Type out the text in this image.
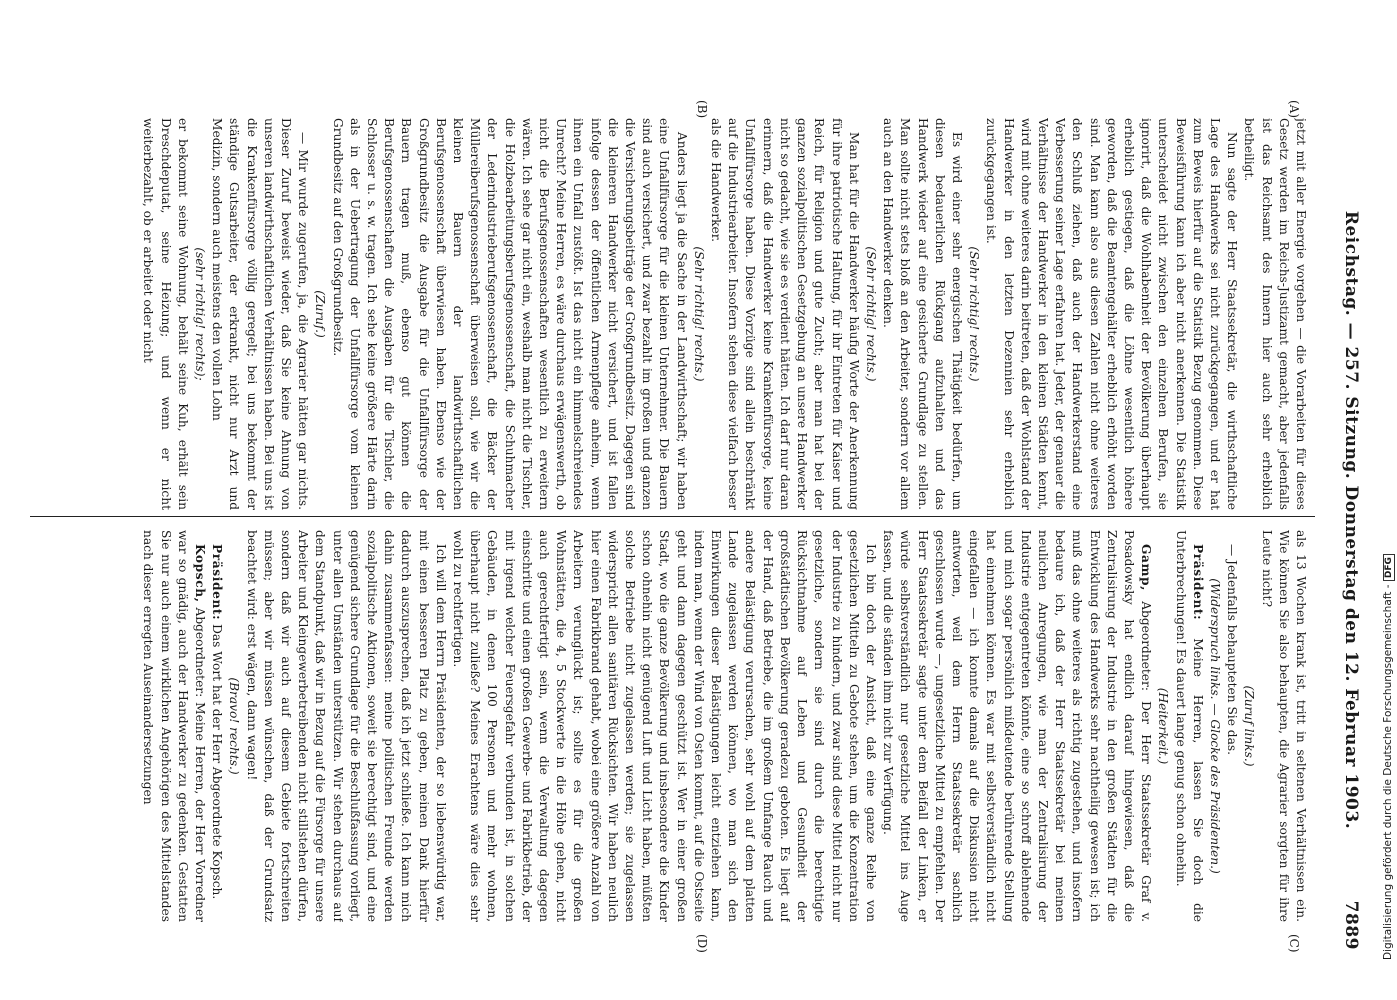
Reichstag. — 257. Sitzung. Donnerstag den 12. Februar 1903.
7889
(A)
(B)
(C)
(D)

jetzt mit aller Energie vorgehen — die Vorarbeiten für dieses Gesetz werden im Reichs-Justizamt gemacht, aber jedenfalls ist das Reichsamt des Innern hier auch sehr erheblich betheiligt.

Nun sagte der Herr Staatssekretär, die wirthschaftliche Lage des Handwerks sei nicht zurückgegangen, und er hat zum Beweis hierfür auf die Statistik Bezug genommen. Diese Beweisführung kann ich aber nicht anerkennen. Die Statistik unterscheidet nicht zwischen den einzelnen Berufen, sie ignorirt, daß die Wohlhabenheit der Bevölkerung überhaupt erheblich gestiegen, daß die Löhne wesentlich höhere geworden, daß die Beamtengehälter erheblich erhöht worden sind. Man kann also aus diesen Zahlen nicht ohne weiteres den Schluß ziehen, daß auch der Handwerkerstand eine Verbesserung seiner Lage erfahren hat. Jeder, der genauer die Verhältnisse der Handwerker in den kleinen Städten kennt, wird mit ohne weiteres darin beitreten, daß der Wohlstand der Handwerker in den letzten Dezennien sehr erheblich zurückgegangen ist.

(Sehr richtig! rechts.)

Es wird einer sehr energischen Thätigkeit bedürfen, um diesen bedauerlichen Rückgang aufzuhalten und das Handwerk wieder auf eine gesicherte Grundlage zu stellen. Man sollte nicht stets bloß an den Arbeiter, sondern vor allem auch an den Handwerker denken.

(Sehr richtig! rechts.)

Man hat für die Handwerker häufig Worte der Anerkennung für ihre patriotische Haltung, für ihr Eintreten für Kaiser und Reich, für Religion und gute Zucht; aber man hat bei der ganzen sozialpolitischen Gesetzgebung an unsere Handwerker nicht so gedacht, wie sie es verdient hätten. Ich darf nur daran erinnern, daß die Handwerker keine Krankenfürsorge, keine Unfallfürsorge haben. Diese Vorzüge sind allein beschränkt auf die Industriearbeiter. Insofern stehen diese vielfach besser als die Handwerker.

(Sehr richtig! rechts.)

Anders liegt ja die Sache in der Landwirthschaft; wir haben eine Unfallfürsorge für die kleinen Unternehmer. Die Bauern sind auch versichert, und zwar bezahlt im großen und ganzen die Versicherungsbeiträge der Großgrundbesitz. Dagegen sind die kleineren Handwerker nicht versichert, und ist fallen infolge dessen der öffentlichen Armenpflege anheim, wenn ihnen ein Unfall zustößt. Ist das nicht ein himmelschreiendes Unrecht? Meine Herren, es wäre durchaus erwägenswerth, ob nicht die Berufsgenossenschaften wesentlich zu erweitern wären. Ich sehe gar nicht ein, weshalb man nicht die Tischler, die Holzbearbeitungsberufsgenossenschaft, die Schuhmacher der Lederindustrieberufsgenossenschaft, die Bäcker der Müllereiberufsgenossenschaft überweisen soll, wie wir die kleinen Bauern der landwirthschaftlichen Berufsgenossenschaft überwiesen haben. Ebenso wie der Großgrundbesitz die Ausgabe für die Unfallfürsorge der Bauern tragen muß, ebenso gut können die Berufsgenossenschaften die Ausgaben für die Tischler, die Schlosser u. s. w. tragen. Ich sehe keine größere Härte darin als in der Uebertragung der Unfallfürsorge vom kleinen Grundbesitz auf den Großgrundbesitz.

(Zuruf.)

— Mir wurde zugerufen, ja, die Agrarier hätten gar nichts. Dieser Zuruf beweist wieder, daß Sie keine Ahnung von unseren landwirthschaftlichen Verhältnissen haben. Bei uns ist die Krankenfürsorge völlig geregelt; bei uns bekommt der ständige Gutsarbeiter, der erkrankt, nicht nur Arzt und Medizin, sondern auch meistens den vollen Lohn

(sehr richtig! rechts);

er bekommt seine Wohnung, behält seine Kuh, erhält sein Dreschdeputat, seine Heizung; und wenn er nicht weiterbezahlt, ob er arbeitet oder nicht

als 13 Wochen krank ist, tritt in seltenen Verhältnissen ein. Wie können Sie also behaupten, die Agrarier sorgten für ihre Leute nicht?

(Zuruf links.)

— Jedenfalls behaupteten Sie das.

(Widerspruch links. — Glocke des Präsidenten.)

Präsident: Meine Herren, lassen Sie doch die Unterbrechungen! Es dauert lange genug schon ohnehin.

(Heiterkeit.)

Gamp, Abgeordneter: Der Herr Staatssekretär Graf v. Posadowsky hat endlich darauf hingewiesen, daß die Zentralisirung der Industrie in den großen Städten für die Entwicklung des Handwerks sehr nachtheilig gewesen ist; ich muß das ohne weiteres als richtig zugestehen, und insofern bedaure ich, daß der Herr Staatssekretär bei meinen neulichen Anregungen, wie man der Zentralisirung der Industrie entgegentreten könnte, eine so schroff ablehnende und mich sogar persönlich mißdeutende berührende Stellung hat einnehmen können. Es war mit selbstverständlich nicht eingefallen — ich konnte damals auf die Diskussion nicht antworten, weil dem Herrn Staatssekretär sachlich geschlossen wurde —, ungesetzliche Mittel zu empfehlen. Der Herr Staatssekretär sagte unter dem Beifall der Linken, er würde selbstverständlich nur gesetzliche Mittel ins Auge fassen, und die ständen ihm nicht zur Verfügung.

Ich bin doch der Ansicht, daß eine ganze Reihe von gesetzlichen Mitteln zu Gebote stehen, um die Konzentration der Industrie zu hindern, und zwar sind diese Mittel nicht nur gesetzliche, sondern sie sind durch die berechtigte Rücksichtnahme auf Leben und Gesundheit der großstädtischen Bevölkerung geradezu geboten. Es liegt auf der Hand, daß Betriebe, die im großem Umfange Rauch und andere Belästigung verursachen, sehr wohl auf dem platten Lande zugelassen werden können, wo man sich den Einwirkungen dieser Belästigungen leicht entziehen kann, indem man, wenn der Wind von Osten kommt, auf die Ostseite geht und dann dagegen geschützt ist. Wer in einer großen Stadt, wo die ganze Bevölkerung und insbesondere die Kinder schon ohnehin nicht genügend Luft und Licht haben, müßten solche Betriebe nicht zugelassen werden; sie zugelassen widerspricht allen sanitären Rücksichten. Wir haben neulich hier einen Fabrikbrand gehabt, wobei eine größere Anzahl von Arbeitern verunglückt ist; sollte es für die großen Wohnstätten, die 4, 5 Stockwerte in die Höhe gehen, nicht auch gerechtfertigt sein, wenn die Verwaltung dagegen einschritte und einen großen Gewerbe- und Fabrikbetrieb, der mit irgend welcher Feuersgefahr verbunden ist, in solchen Gebäuden, in denen 100 Personen und mehr wohnen, überhaupt nicht zuließe? Meines Erachtens wäre dies sehr wohl zu rechtfertigen.

Ich will dem Herrn Präsidenten, der so liebenswürdig war, mit einen besseren Platz zu geben, meinen Dank hierfür dadurch auszusprechen, daß ich jetzt schließe. Ich kann mich dahin zusammenfassen: meine politischen Freunde werden sozialpolitische Aktionen, soweit sie berechtigt sind, und eine genügend sichere Grundlage für die Beschlußfassung vorliegt, unter allen Umständen unterstützen. Wir stehen durchaus auf dem Standpunkt, daß wir in Bezug auf die Fürsorge für unsere Arbeiter und Kleingewerbetreibenden nicht stillstehen dürfen, sondern daß wir auch auf diesem Gebiete fortschreiten müssen; aber wir müssen wünschen, daß der Grundsatz beachtet wird: erst wägen, dann wagen!

(Bravo! rechts.)

Präsident: Das Wort hat der Herr Abgeordnete Kopsch.

Kopsch, Abgeordneter: Meine Herren, der Herr Vorredner war so gnädig, auch der Handwerker zu gedenken. Gestatten Sie nur auch einem wirklichen Angehörigen des Mittelstandes nach dieser erregten Auseinandersetzungen	Digitalisierung gefördert durch die Deutsche Forschungsgemeinschaft - DFG
